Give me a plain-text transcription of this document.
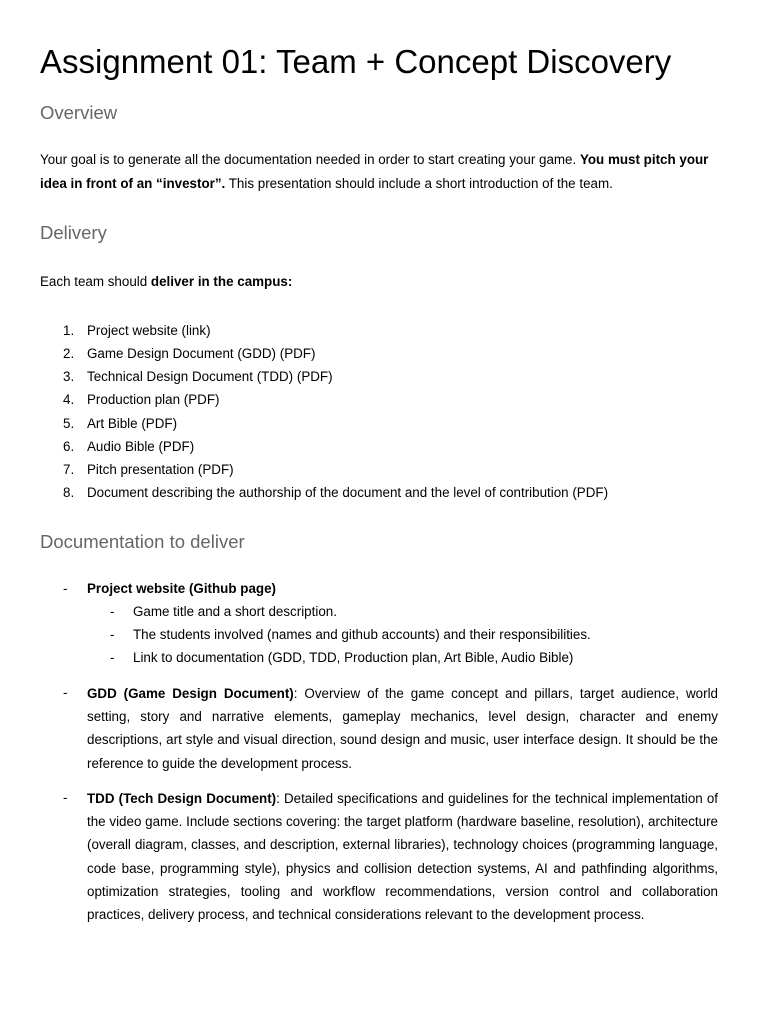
Assignment 01: Team + Concept Discovery
Overview

Your goal is to generate all the documentation needed in order to start creating your game. You must pitch your idea in front of an “investor”. This presentation should include a short introduction of the team.

Delivery

Each team should deliver in the campus:

1. Project website (link)
2. Game Design Document (GDD) (PDF)
3. Technical Design Document (TDD) (PDF)
4. Production plan (PDF)
5. Art Bible (PDF)
6. Audio Bible (PDF)
7. Pitch presentation (PDF)
8. Document describing the authorship of the document and the level of contribution (PDF)
Documentation to deliver
- Project website (Github page)
- Game title and a short description.
- The students involved (names and github accounts) and their responsibilities.
- Link to documentation (GDD, TDD, Production plan, Art Bible, Audio Bible)
- GDD (Game Design Document): Overview of the game concept and pillars, target audience, world setting, story and narrative elements, gameplay mechanics, level design, character and enemy descriptions, art style and visual direction, sound design and music, user interface design. It should be the reference to guide the development process.

- TDD (Tech Design Document): Detailed specifications and guidelines for the technical implementation of the video game. Include sections covering: the target platform (hardware baseline, resolution), architecture (overall diagram, classes, and description, external libraries), technology choices (programming language, code base, programming style), physics and collision detection systems, AI and pathfinding algorithms, optimization strategies, tooling and workflow recommendations, version control and collaboration practices, delivery process, and technical considerations relevant to the development process.
